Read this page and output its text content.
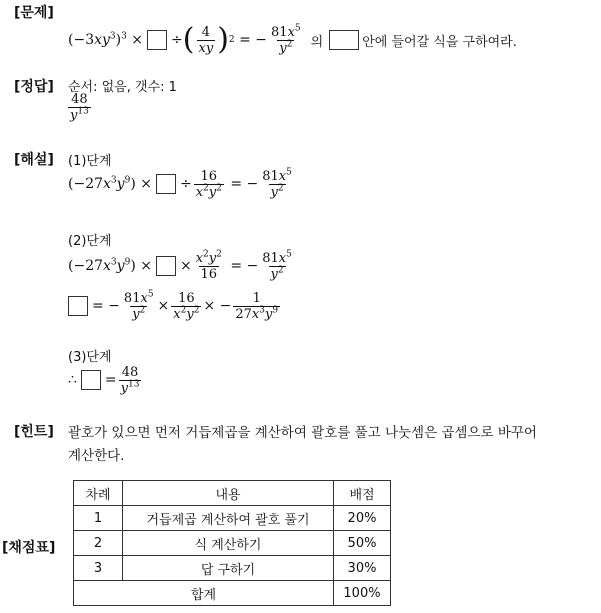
[문제]
[정답]
[해설]
[힌트]
[채점표]
$(-3xy^3)^3$ × ÷ ( $\frac{4}{xy}$ ) 2 = − $\frac{81x^5}{y^2}$ 의	안에 들어갈 식을 구하여라.
순서: 없음, 갯수: 1
$\frac{48}{y^{13}}$
(1)단계
$(-27x^3y^9)$ × ÷ $\frac{16}{x^2y^2}$ = − $\frac{81x^5}{y^2}$
(2)단계
$(-27x^3y^9)$ × × $\frac{x^2y^2}{16}$ = − $\frac{81x^5}{y^2}$
= − $\frac{81x^5}{y^2} \times \frac{16}{x^2y^2}$ × − $\frac{1}{27x^3y^9}$
(3)단계
∴ = $\frac{48}{y^{13}}$
괄호가 있으면 먼저 거듭제곱을 계산하여 괄호를 풀고 나눗셈은 곱셈으로 바꾸어
계산한다.
차례	내용	배점
1	거듭제곱 계산하여 괄호 풀기	20%
2	식 계산하기	50%
3	답 구하기	30%
합계		100%
